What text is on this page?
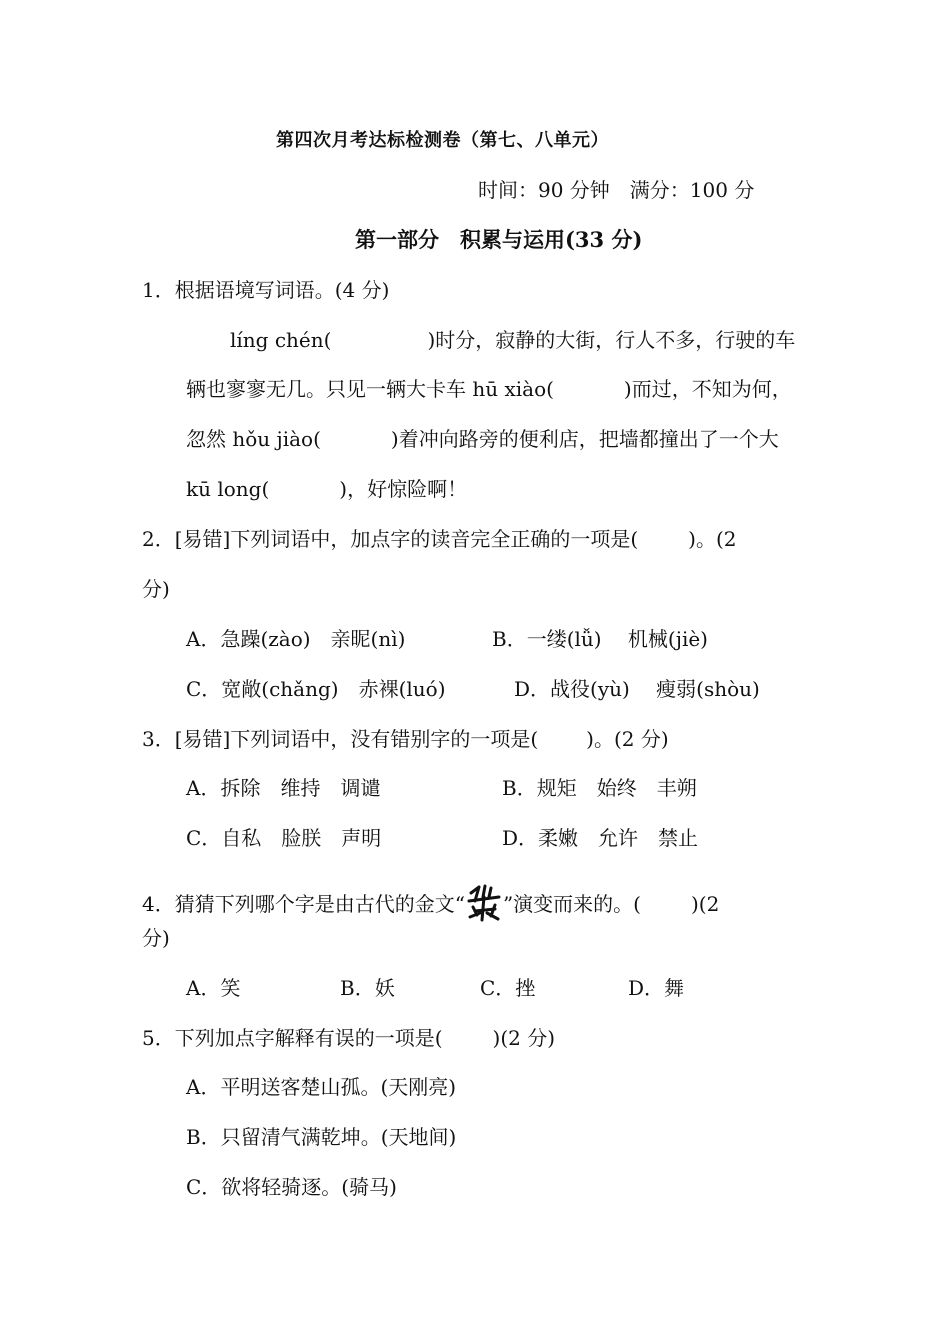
第四次月考达标检测卷（第七、八单元）
时间：90 分钟　满分：100 分
第一部分　积累与运用(33 分)
1．根据语境写词语。(4 分)
líng chén(	)时分，寂静的大街，行人不多，行驶的车
辆也寥寥无几。只见一辆大卡车 hū xiào(	)而过，不知为何，
忽然 hǒu jiào(	)着冲向路旁的便利店，把墙都撞出了一个大
kū long(	)，好惊险啊！
2．[易错]下列词语中，加点字的读音完全正确的一项是(	)。(2
分)
A．急躁(zào)　亲昵(nì)	B．一缕(lǚ)　 机械(jiè)
C．宽敞(chǎng)　赤裸(luó)	D．战役(yù)　 瘦弱(shòu)
3．[易错]下列词语中，没有错别字的一项是( )。(2 分)
A．拆除　维持　调谴	B．规矩　始终　丰朔
C．自私　脸朕　声明	D．柔嫩　允许　禁止
4．猜猜下列哪个字是由古代的金文“ ”演变而来的。(	)(2
分)
A．笑	B．妖	C．挫	D．舞
5．下列加点字解释有误的一项是(	)(2 分)
A．平明送客楚山孤。(天刚亮)
B．只留清气满乾坤。(天地间)
C．欲将轻骑逐。(骑马)
